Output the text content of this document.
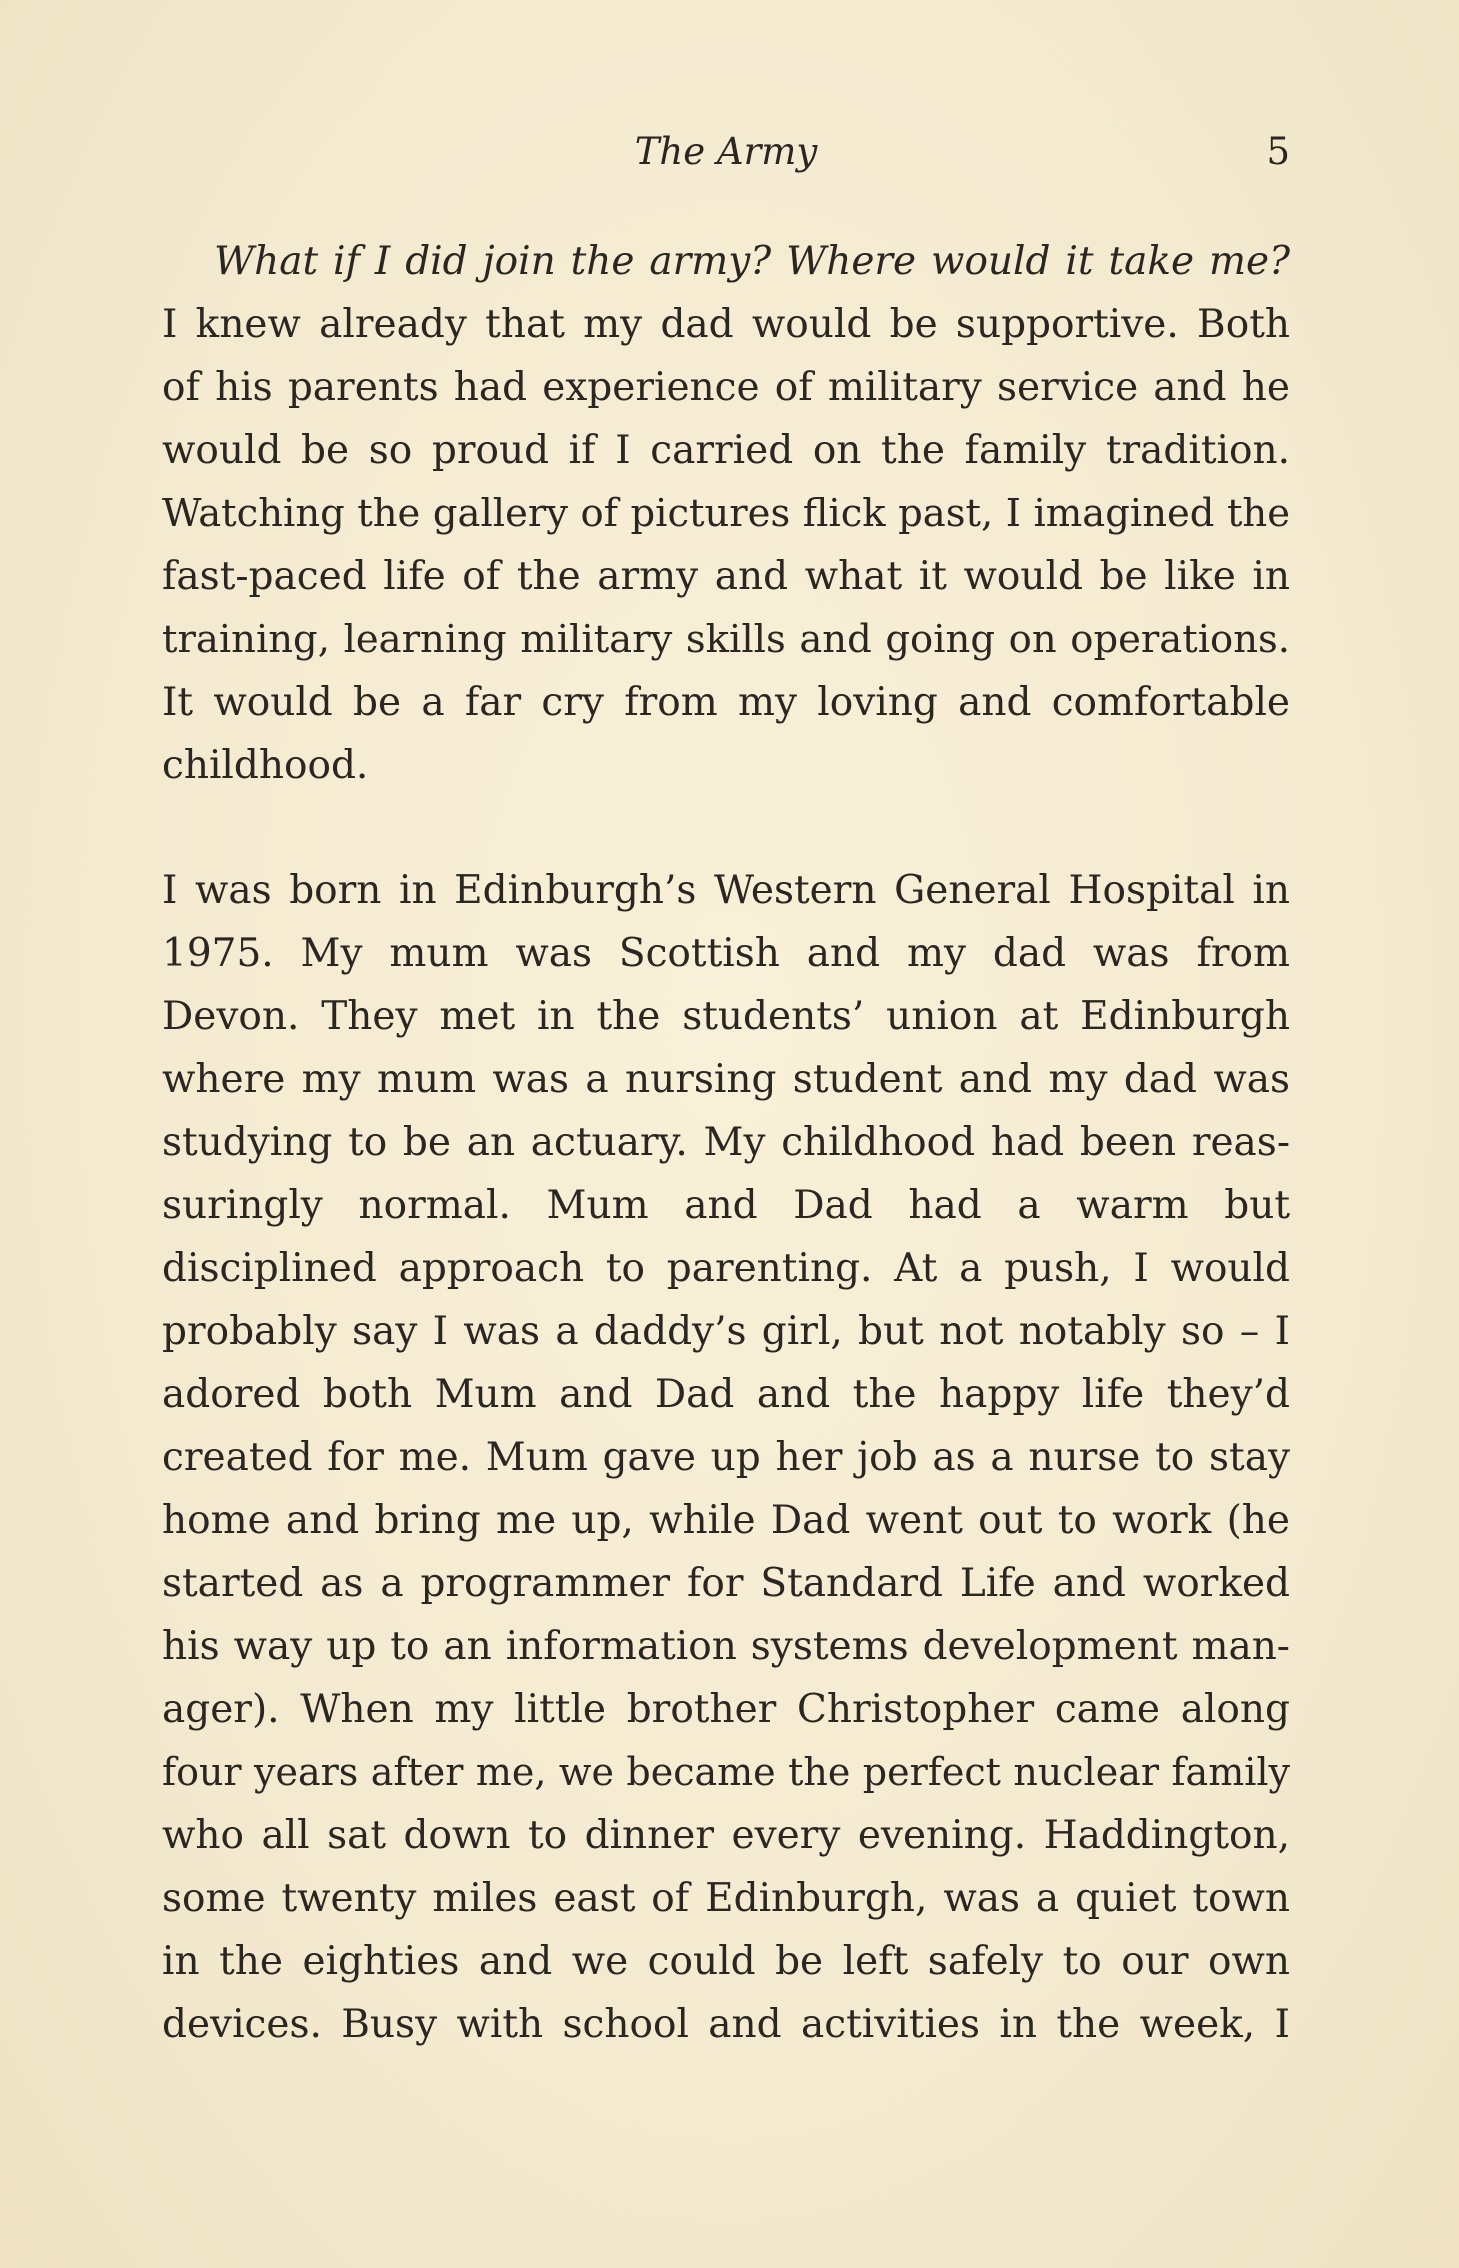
The Army	5
What if I did join the army? Where would it take me?
I knew already that my dad would be supportive. Both
of his parents had experience of military service and he
would be so proud if I carried on the family tradition.
Watching the gallery of pictures flick past, I imagined the
fast-paced life of the army and what it would be like in
training, learning military skills and going on operations.
It would be a far cry from my loving and comfortable
childhood.
I was born in Edinburgh’s Western General Hospital in
1975. My mum was Scottish and my dad was from
Devon. They met in the students’ union at Edinburgh
where my mum was a nursing student and my dad was
studying to be an actuary. My childhood had been reas-
suringly normal. Mum and Dad had a warm but
disciplined approach to parenting. At a push, I would
probably say I was a daddy’s girl, but not notably so – I
adored both Mum and Dad and the happy life they’d
created for me. Mum gave up her job as a nurse to stay
home and bring me up, while Dad went out to work (he
started as a programmer for Standard Life and worked
his way up to an information systems development man-
ager). When my little brother Christopher came along
four years after me, we became the perfect nuclear family
who all sat down to dinner every evening. Haddington,
some twenty miles east of Edinburgh, was a quiet town
in the eighties and we could be left safely to our own
devices. Busy with school and activities in the week, I
